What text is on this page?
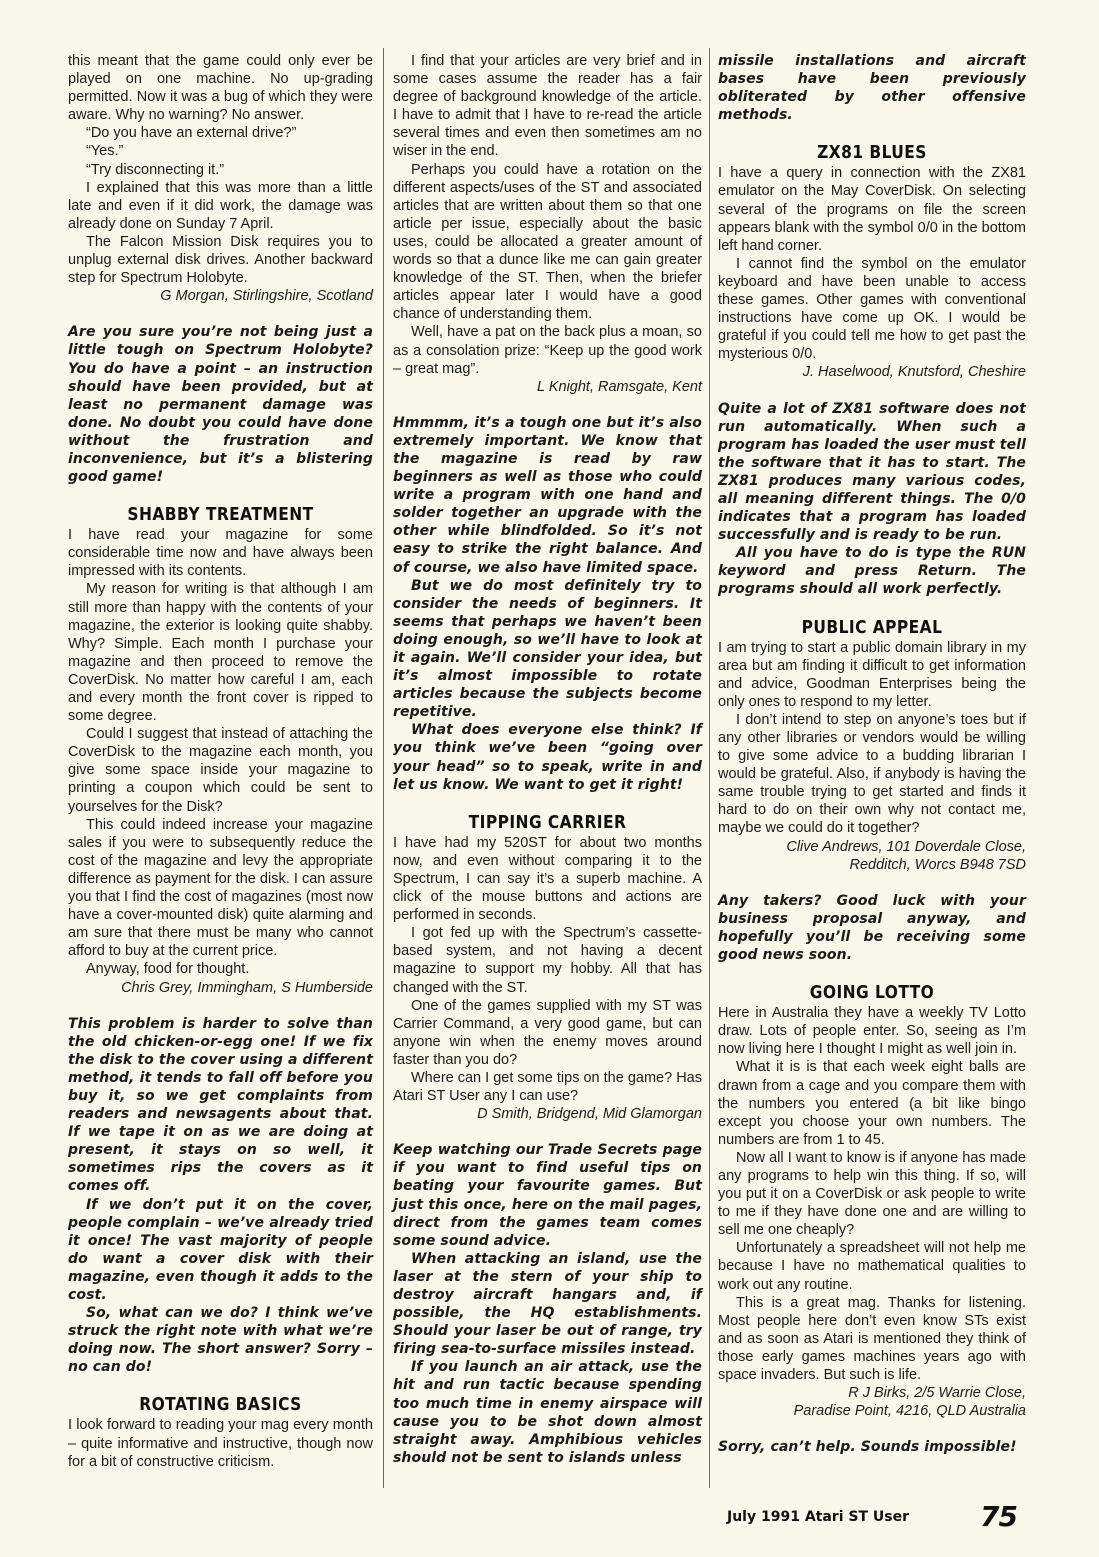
this meant that the game could only ever be played on one machine. No up-grading permitted. Now it was a bug of which they were aware. Why no warning? No answer.

“Do you have an external drive?”

“Yes.”

“Try disconnecting it.”

I explained that this was more than a little late and even if it did work, the damage was already done on Sunday 7 April.

The Falcon Mission Disk requires you to unplug external disk drives. Another backward step for Spectrum Holobyte.

G Morgan, Stirlingshire, Scotland

Are you sure you’re not being just a little tough on Spectrum Holobyte? You do have a point – an instruction should have been provided, but at least no permanent damage was done. No doubt you could have done without the frustration and inconvenience, but it’s a blistering good game!

SHABBY TREATMENT

I have read your magazine for some considerable time now and have always been impressed with its contents.

My reason for writing is that although I am still more than happy with the contents of your magazine, the exterior is looking quite shabby. Why? Simple. Each month I purchase your magazine and then proceed to remove the CoverDisk. No matter how careful I am, each and every month the front cover is ripped to some degree.

Could I suggest that instead of attaching the CoverDisk to the magazine each month, you give some space inside your magazine to printing a coupon which could be sent to yourselves for the Disk?

This could indeed increase your magazine sales if you were to subsequently reduce the cost of the magazine and levy the appropriate difference as payment for the disk. I can assure you that I find the cost of magazines (most now have a cover-mounted disk) quite alarming and am sure that there must be many who cannot afford to buy at the current price.

Anyway, food for thought.

Chris Grey, Immingham, S Humberside

This problem is harder to solve than the old chicken-or-egg one! If we fix the disk to the cover using a different method, it tends to fall off before you buy it, so we get complaints from readers and newsagents about that. If we tape it on as we are doing at present, it stays on so well, it sometimes rips the covers as it comes off.

If we don’t put it on the cover, people complain – we’ve already tried it once! The vast majority of people do want a cover disk with their magazine, even though it adds to the cost.

So, what can we do? I think we’ve struck the right note with what we’re doing now. The short answer? Sorry – no can do!

ROTATING BASICS

I look forward to reading your mag every month – quite informative and instructive, though now for a bit of constructive criticism.

I find that your articles are very brief and in some cases assume the reader has a fair degree of background knowledge of the article. I have to admit that I have to re-read the article several times and even then sometimes am no wiser in the end.

Perhaps you could have a rotation on the different aspects/uses of the ST and associated articles that are written about them so that one article per issue, especially about the basic uses, could be allocated a greater amount of words so that a dunce like me can gain greater knowledge of the ST. Then, when the briefer articles appear later I would have a good chance of understanding them.

Well, have a pat on the back plus a moan, so as a consolation prize: “Keep up the good work – great mag”.

L Knight, Ramsgate, Kent

Hmmmm, it’s a tough one but it’s also extremely important. We know that the magazine is read by raw beginners as well as those who could write a program with one hand and solder together an upgrade with the other while blindfolded. So it’s not easy to strike the right balance. And of course, we also have limited space.

But we do most definitely try to consider the needs of beginners. It seems that perhaps we haven’t been doing enough, so we’ll have to look at it again. We’ll consider your idea, but it’s almost impossible to rotate articles because the subjects become repetitive.

What does everyone else think? If you think we’ve been “going over your head” so to speak, write in and let us know. We want to get it right!

TIPPING CARRIER

I have had my 520ST for about two months now, and even without comparing it to the Spectrum, I can say it’s a superb machine. A click of the mouse buttons and actions are performed in seconds.

I got fed up with the Spectrum’s cassette-based system, and not having a decent magazine to support my hobby. All that has changed with the ST.

One of the games supplied with my ST was Carrier Command, a very good game, but can anyone win when the enemy moves around faster than you do?

Where can I get some tips on the game? Has Atari ST User any I can use?

D Smith, Bridgend, Mid Glamorgan

Keep watching our Trade Secrets page if you want to find useful tips on beating your favourite games. But just this once, here on the mail pages, direct from the games team comes some sound advice.

When attacking an island, use the laser at the stern of your ship to destroy aircraft hangars and, if possible, the HQ establishments. Should your laser be out of range, try firing sea-to-surface missiles instead.

If you launch an air attack, use the hit and run tactic because spending too much time in enemy airspace will cause you to be shot down almost straight away. Amphibious vehicles should not be sent to islands unless

missile installations and aircraft bases have been previously obliterated by other offensive methods.

ZX81 BLUES

I have a query in connection with the ZX81 emulator on the May CoverDisk. On selecting several of the programs on file the screen appears blank with the symbol 0/0 in the bottom left hand corner.

I cannot find the symbol on the emulator keyboard and have been unable to access these games. Other games with conventional instructions have come up OK. I would be grateful if you could tell me how to get past the mysterious 0/0.

J. Haselwood, Knutsford, Cheshire

Quite a lot of ZX81 software does not run automatically. When such a program has loaded the user must tell the software that it has to start. The ZX81 produces many various codes, all meaning different things. The 0/0 indicates that a program has loaded successfully and is ready to be run.

All you have to do is type the RUN keyword and press Return. The programs should all work perfectly.

PUBLIC APPEAL

I am trying to start a public domain library in my area but am finding it difficult to get information and advice, Goodman Enterprises being the only ones to respond to my letter.

I don’t intend to step on anyone’s toes but if any other libraries or vendors would be willing to give some advice to a budding librarian I would be grateful. Also, if anybody is having the same trouble trying to get started and finds it hard to do on their own why not contact me, maybe we could do it together?

Clive Andrews, 101 Doverdale Close,

Redditch, Worcs B948 7SD

Any takers? Good luck with your business proposal anyway, and hopefully you’ll be receiving some good news soon.

GOING LOTTO

Here in Australia they have a weekly TV Lotto draw. Lots of people enter. So, seeing as I’m now living here I thought I might as well join in.

What it is is that each week eight balls are drawn from a cage and you compare them with the numbers you entered (a bit like bingo except you choose your own numbers. The numbers are from 1 to 45.

Now all I want to know is if anyone has made any programs to help win this thing. If so, will you put it on a CoverDisk or ask people to write to me if they have done one and are willing to sell me one cheaply?

Unfortunately a spreadsheet will not help me because I have no mathematical qualities to work out any routine.

This is a great mag. Thanks for listening. Most people here don’t even know STs exist and as soon as Atari is mentioned they think of those early games machines years ago with space invaders. But such is life.

R J Birks, 2/5 Warrie Close,

Paradise Point, 4216, QLD Australia

Sorry, can’t help. Sounds impossible!

July 1991 Atari ST User	75
